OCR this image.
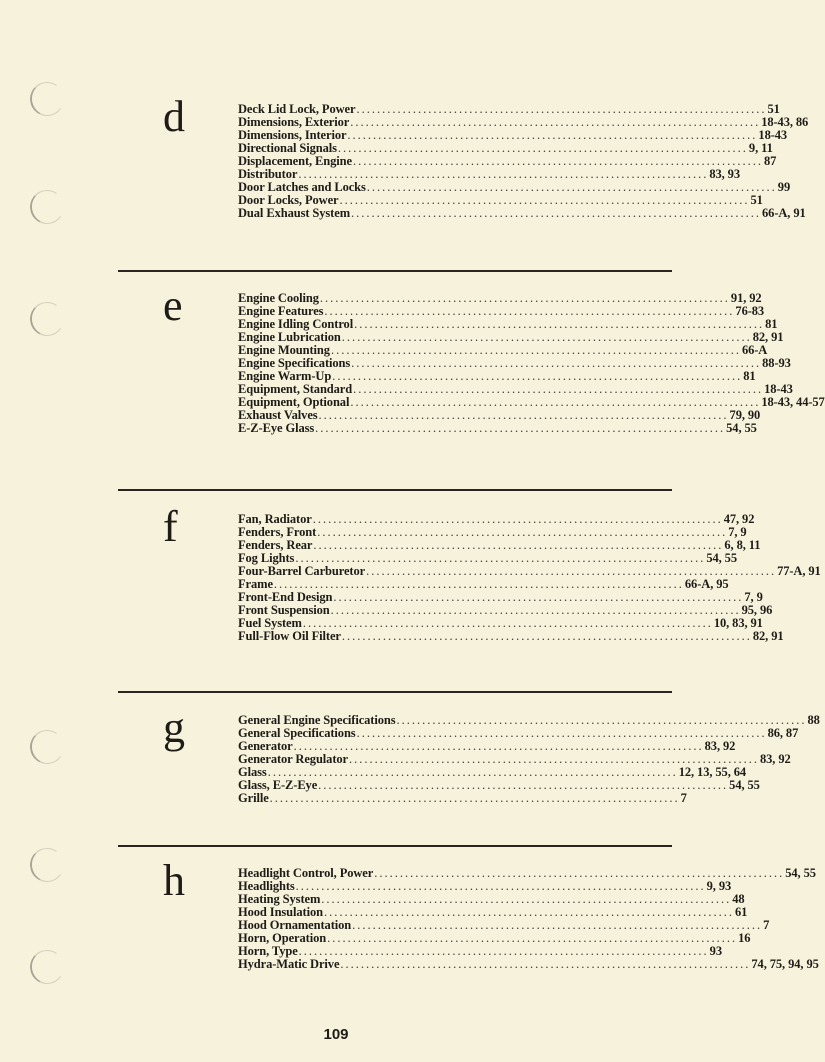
d	Deck Lid Lock, Power ................................................................................ 51
Dimensions, Exterior ................................................................................ 18-43, 86
Dimensions, Interior ................................................................................ 18-43
Directional Signals ................................................................................ 9, 11
Displacement, Engine ................................................................................ 87
Distributor ................................................................................ 83, 93
Door Latches and Locks ................................................................................ 99
Door Locks, Power ................................................................................ 51
Dual Exhaust System ................................................................................ 66-A, 91
e	Engine Cooling ................................................................................ 91, 92
Engine Features ................................................................................ 76-83
Engine Idling Control ................................................................................ 81
Engine Lubrication ................................................................................ 82, 91
Engine Mounting ................................................................................ 66-A
Engine Specifications ................................................................................ 88-93
Engine Warm-Up ................................................................................ 81
Equipment, Standard ................................................................................ 18-43
Equipment, Optional ................................................................................ 18-43, 44-57
Exhaust Valves ................................................................................ 79, 90
E-Z-Eye Glass ................................................................................ 54, 55
f	Fan, Radiator ................................................................................ 47, 92
Fenders, Front ................................................................................ 7, 9
Fenders, Rear ................................................................................ 6, 8, 11
Fog Lights ................................................................................ 54, 55
Four-Barrel Carburetor ................................................................................ 77-A, 91
Frame ................................................................................ 66-A, 95
Front-End Design ................................................................................ 7, 9
Front Suspension ................................................................................ 95, 96
Fuel System ................................................................................ 10, 83, 91
Full-Flow Oil Filter ................................................................................ 82, 91
g	General Engine Specifications ................................................................................ 88
General Specifications ................................................................................ 86, 87
Generator ................................................................................ 83, 92
Generator Regulator ................................................................................ 83, 92
Glass ................................................................................ 12, 13, 55, 64
Glass, E-Z-Eye ................................................................................ 54, 55
Grille ................................................................................ 7
h	Headlight Control, Power ................................................................................ 54, 55
Headlights ................................................................................ 9, 93
Heating System ................................................................................ 48
Hood Insulation ................................................................................ 61
Hood Ornamentation ................................................................................ 7
Horn, Operation ................................................................................ 16
Horn, Type ................................................................................ 93
Hydra-Matic Drive ................................................................................ 74, 75, 94, 95
109
